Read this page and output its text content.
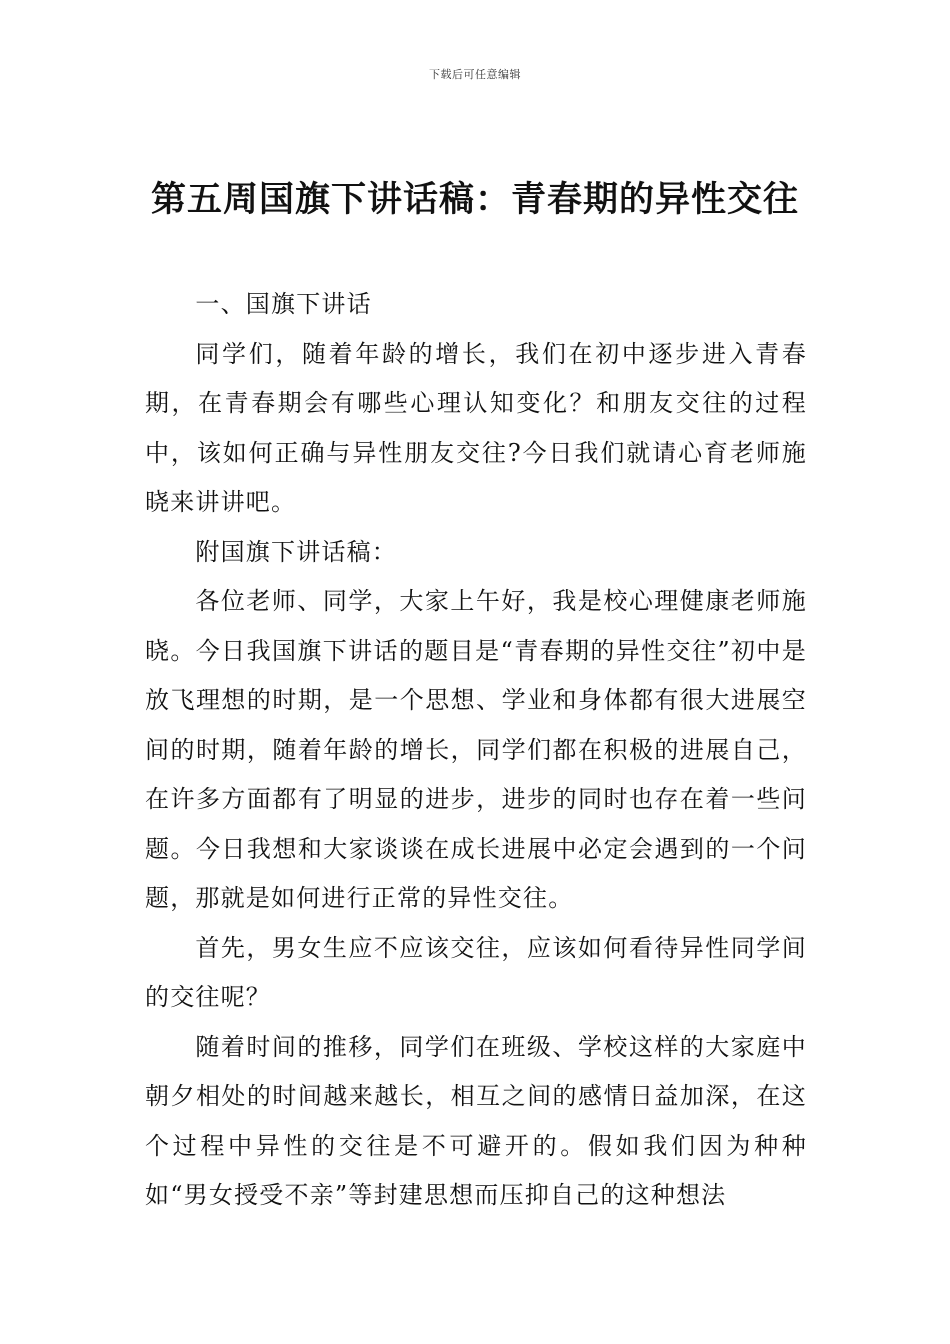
下载后可任意编辑
第五周国旗下讲话稿：青春期的异性交往

一、国旗下讲话

同学们，随着年龄的增长，我们在初中逐步进入青春期，在青春期会有哪些心理认知变化？和朋友交往的过程中，该如何正确与异性朋友交往?今日我们就请心育老师施晓来讲讲吧。

附国旗下讲话稿：

各位老师、同学，大家上午好，我是校心理健康老师施晓。今日我国旗下讲话的题目是“青春期的异性交往”初中是放飞理想的时期，是一个思想、学业和身体都有很大进展空间的时期，随着年龄的增长，同学们都在积极的进展自己，在许多方面都有了明显的进步，进步的同时也存在着一些问题。今日我想和大家谈谈在成长进展中必定会遇到的一个问题，那就是如何进行正常的异性交往。

首先，男女生应不应该交往，应该如何看待异性同学间的交往呢？

随着时间的推移，同学们在班级、学校这样的大家庭中朝夕相处的时间越来越长，相互之间的感情日益加深，在这个过程中异性的交往是不可避开的。假如我们因为种种如“男女授受不亲”等封建思想而压抑自己的这种想法
